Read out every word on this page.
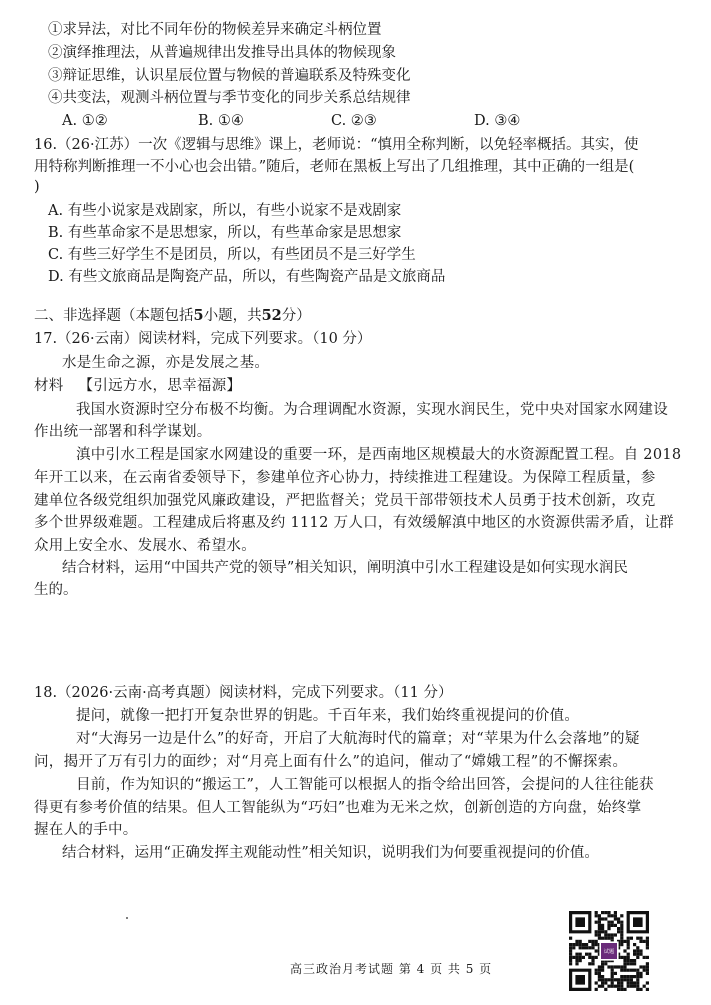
①求异法，对比不同年份的物候差异来确定斗柄位置
②演绎推理法，从普遍规律出发推导出具体的物候现象
③辩证思维，认识星辰位置与物候的普遍联系及特殊变化
④共变法，观测斗柄位置与季节变化的同步关系总结规律
A. ①②	B. ①④	C. ②③	D. ③④
16.（26·江苏）一次《逻辑与思维》课上，老师说：“慎用全称判断，以免轻率概括。其实，使
用特称判断推理一不小心也会出错。”随后，老师在黑板上写出了几组推理，其中正确的一组是(
)
A. 有些小说家是戏剧家，所以，有些小说家不是戏剧家
B. 有些革命家不是思想家，所以，有些革命家是思想家
C. 有些三好学生不是团员，所以，有些团员不是三好学生
D. 有些文旅商品是陶瓷产品，所以，有些陶瓷产品是文旅商品
二、非选择题（本题包括5小题，共52分）
17.（26·云南）阅读材料，完成下列要求。（10 分）
水是生命之源，亦是发展之基。
材料 【引远方水，思幸福源】
我国水资源时空分布极不均衡。为合理调配水资源，实现水润民生，党中央对国家水网建设
作出统一部署和科学谋划。
滇中引水工程是国家水网建设的重要一环，是西南地区规模最大的水资源配置工程。自 2018
年开工以来，在云南省委领导下，参建单位齐心协力，持续推进工程建设。为保障工程质量，参
建单位各级党组织加强党风廉政建设，严把监督关；党员干部带领技术人员勇于技术创新，攻克
多个世界级难题。工程建成后将惠及约 1112 万人口，有效缓解滇中地区的水资源供需矛盾，让群
众用上安全水、发展水、希望水。
结合材料，运用“中国共产党的领导”相关知识，阐明滇中引水工程建设是如何实现水润民
生的。
18.（2026·云南·高考真题）阅读材料，完成下列要求。（11 分）
提问，就像一把打开复杂世界的钥匙。千百年来，我们始终重视提问的价值。
对“大海另一边是什么”的好奇，开启了大航海时代的篇章；对“苹果为什么会落地”的疑
问，揭开了万有引力的面纱；对“月亮上面有什么”的追问，催动了“嫦娥工程”的不懈探索。
目前，作为知识的“搬运工”，人工智能可以根据人的指令给出回答，会提问的人往往能获
得更有参考价值的结果。但人工智能纵为“巧妇”也难为无米之炊，创新创造的方向盘，始终掌
握在人的手中。
结合材料，运用“正确发挥主观能动性”相关知识，说明我们为何要重视提问的价值。
试题
高三政治月考试题 第 4 页 共 5 页
